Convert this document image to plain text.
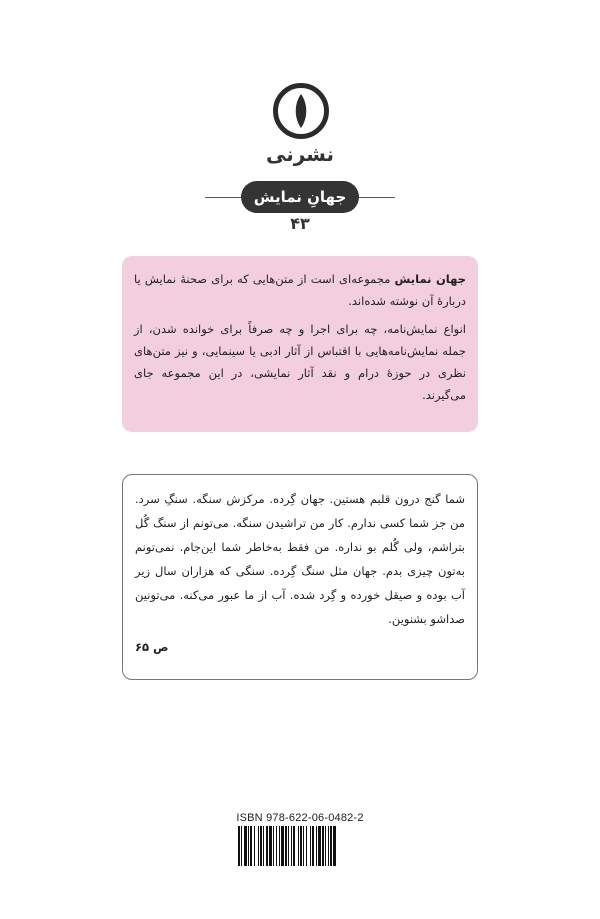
نشرنی
جهانِ نمایش
۴۳

جهان نمایش مجموعه‌ای است از متن‌هایی که برای صحنهٔ نمایش یا دربارهٔ آن نوشته شده‌اند.

انواع نمایش‌نامه، چه برای اجرا و چه صرفاً برای خوانده شدن، از جمله نمایش‌نامه‌هایی با اقتباس از آثار ادبی یا سینمایی، و نیز متن‌های نظری در حوزهٔ درام و نقد آثار نمایشی، در این مجموعه جای می‌گیرند.

شما گنج درون قلبم هستین. جهان گِرده. مرکزش سنگه. سنگِ سرد. من جز شما کسی ندارم. کار من تراشیدن سنگه. می‌تونم از سنگ گُل بتراشم، ولی گُلم بو نداره. من فقط به‌خاطر شما این‌جام. نمی‌تونم به‌تون چیزی بدم. جهان مثل سنگ گِرده. سنگی که هزاران سال زیر آب بوده و صیقل خورده و گِرد شده. آب از ما عبور می‌کنه. می‌تونین صداشو بشنوین.

ص ۶۵
ISBN 978-622-06-0482-2
